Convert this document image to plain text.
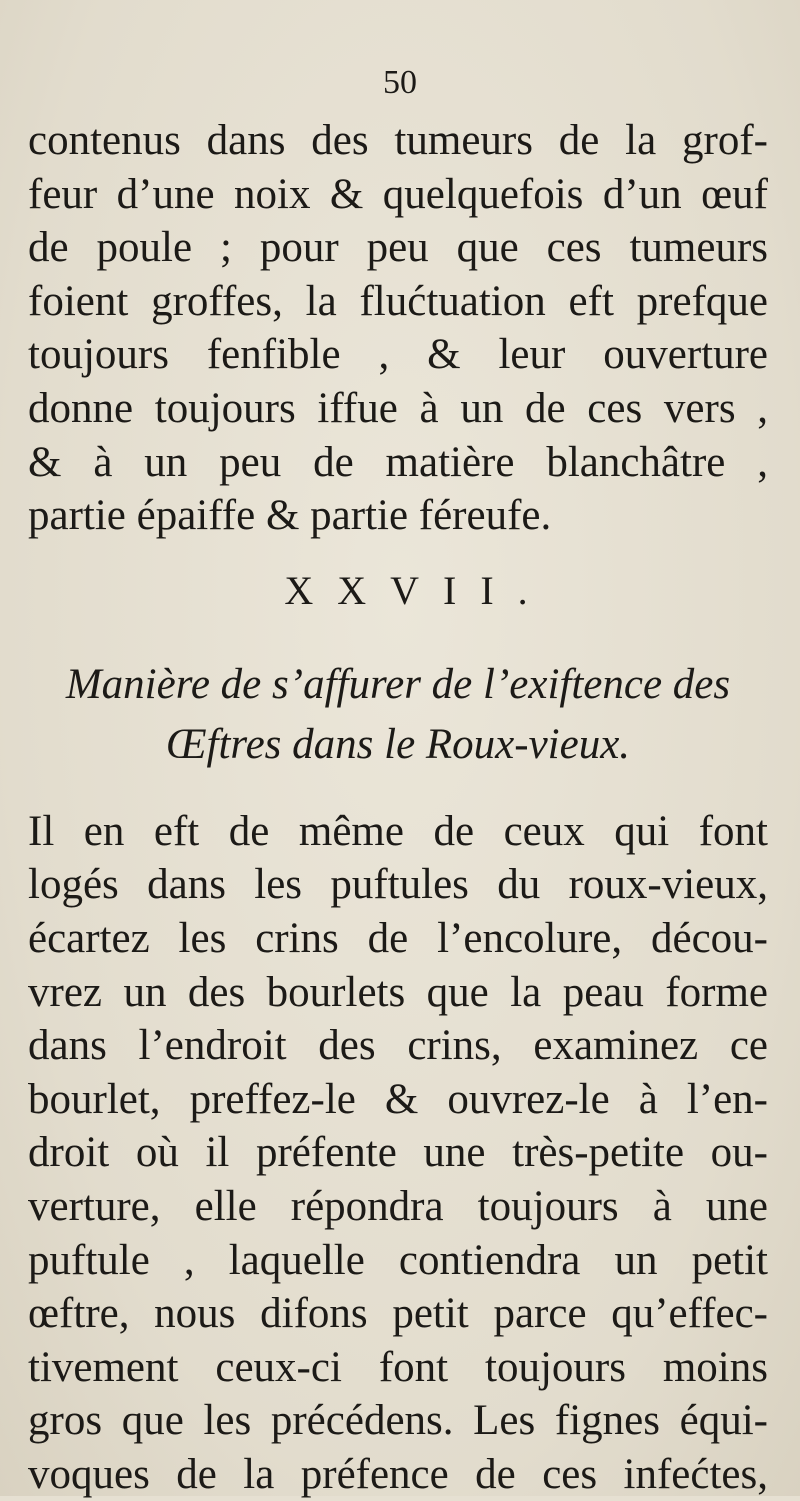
50

contenus dans des tumeurs de la grof-
feur d’une noix & quelquefois d’un œuf
de poule ; pour peu que ces tumeurs
foient groffes, la flućtuation eft prefque
toujours fenfible , & leur ouverture
donne toujours iffue à un de ces vers ,
& à un peu de matière blanchâtre ,
partie épaiffe & partie féreufe.

XXVII.
Manière de s’affurer de l’exiftence des
Œftres dans le Roux-vieux.

Il en eft de même de ceux qui font
logés dans les puftules du roux-vieux,
écartez les crins de l’encolure, décou-
vrez un des bourlets que la peau forme
dans l’endroit des crins, examinez ce
bourlet, preffez-le & ouvrez-le à l’en-
droit où il préfente une très-petite ou-
verture, elle répondra toujours à une
puftule , laquelle contiendra un petit
œftre, nous difons petit parce qu’effec-
tivement ceux-ci font toujours moins
gros que les précédens. Les fignes équi-
voques de la préfence de ces infećtes,
